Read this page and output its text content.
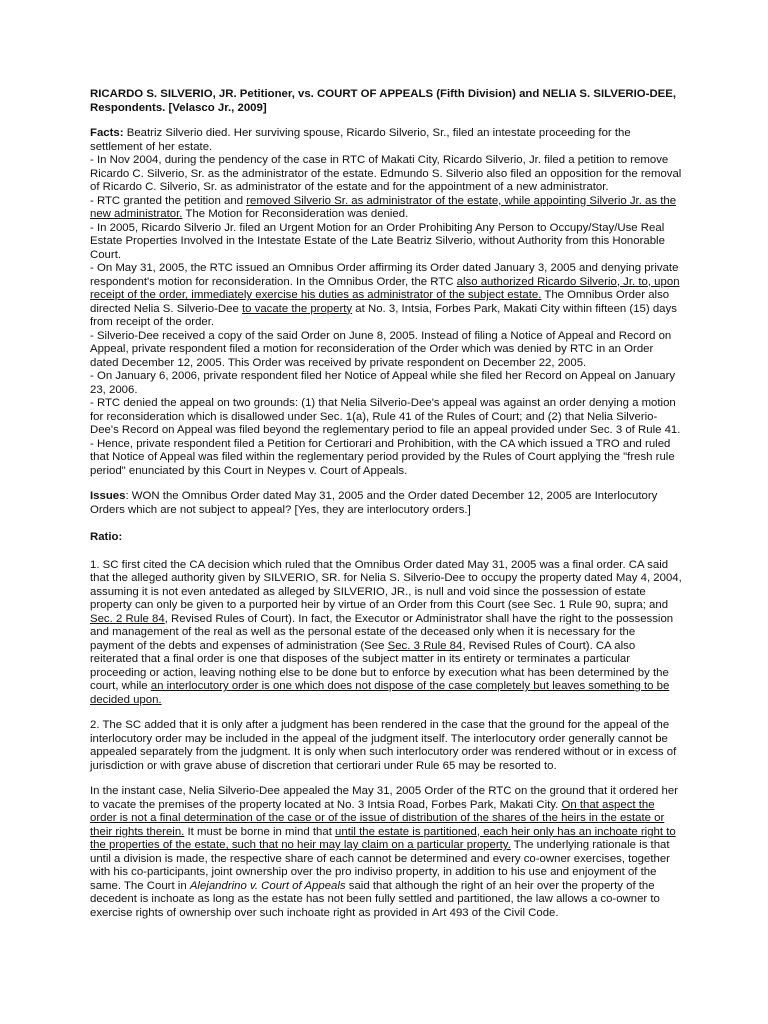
RICARDO S. SILVERIO, JR. Petitioner, vs. COURT OF APPEALS (Fifth Division) and NELIA S. SILVERIO-DEE, Respondents. [Velasco Jr., 2009]

Facts: Beatriz Silverio died. Her surviving spouse, Ricardo Silverio, Sr., filed an intestate proceeding for the settlement of her estate.
- In Nov 2004, during the pendency of the case in RTC of Makati City, Ricardo Silverio, Jr. filed a petition to remove Ricardo C. Silverio, Sr. as the administrator of the estate. Edmundo S. Silverio also filed an opposition for the removal of Ricardo C. Silverio, Sr. as administrator of the estate and for the appointment of a new administrator.
- RTC granted the petition and removed Silverio Sr. as administrator of the estate, while appointing Silverio Jr. as the new administrator. The Motion for Reconsideration was denied.
- In 2005, Ricardo Silverio Jr. filed an Urgent Motion for an Order Prohibiting Any Person to Occupy/Stay/Use Real Estate Properties Involved in the Intestate Estate of the Late Beatriz Silverio, without Authority from this Honorable Court.
- On May 31, 2005, the RTC issued an Omnibus Order affirming its Order dated January 3, 2005 and denying private respondent's motion for reconsideration. In the Omnibus Order, the RTC also authorized Ricardo Silverio, Jr. to, upon receipt of the order, immediately exercise his duties as administrator of the subject estate. The Omnibus Order also directed Nelia S. Silverio-Dee to vacate the property at No. 3, Intsia, Forbes Park, Makati City within fifteen (15) days from receipt of the order.
- Silverio-Dee received a copy of the said Order on June 8, 2005. Instead of filing a Notice of Appeal and Record on Appeal, private respondent filed a motion for reconsideration of the Order which was denied by RTC in an Order dated December 12, 2005. This Order was received by private respondent on December 22, 2005.
- On January 6, 2006, private respondent filed her Notice of Appeal while she filed her Record on Appeal on January 23, 2006.
- RTC denied the appeal on two grounds: (1) that Nelia Silverio-Dee's appeal was against an order denying a motion for reconsideration which is disallowed under Sec. 1(a), Rule 41 of the Rules of Court; and (2) that Nelia Silverio-Dee's Record on Appeal was filed beyond the reglementary period to file an appeal provided under Sec. 3 of Rule 41.
- Hence, private respondent filed a Petition for Certiorari and Prohibition, with the CA which issued a TRO and ruled that Notice of Appeal was filed within the reglementary period provided by the Rules of Court applying the "fresh rule period" enunciated by this Court in Neypes v. Court of Appeals.

Issues: WON the Omnibus Order dated May 31, 2005 and the Order dated December 12, 2005 are Interlocutory Orders which are not subject to appeal? [Yes, they are interlocutory orders.]

Ratio:

1. SC first cited the CA decision which ruled that the Omnibus Order dated May 31, 2005 was a final order. CA said that the alleged authority given by SILVERIO, SR. for Nelia S. Silverio-Dee to occupy the property dated May 4, 2004, assuming it is not even antedated as alleged by SILVERIO, JR., is null and void since the possession of estate property can only be given to a purported heir by virtue of an Order from this Court (see Sec. 1 Rule 90, supra; and Sec. 2 Rule 84, Revised Rules of Court). In fact, the Executor or Administrator shall have the right to the possession and management of the real as well as the personal estate of the deceased only when it is necessary for the payment of the debts and expenses of administration (See Sec. 3 Rule 84, Revised Rules of Court). CA also reiterated that a final order is one that disposes of the subject matter in its entirety or terminates a particular proceeding or action, leaving nothing else to be done but to enforce by execution what has been determined by the court, while an interlocutory order is one which does not dispose of the case completely but leaves something to be decided upon.

2. The SC added that it is only after a judgment has been rendered in the case that the ground for the appeal of the interlocutory order may be included in the appeal of the judgment itself. The interlocutory order generally cannot be appealed separately from the judgment. It is only when such interlocutory order was rendered without or in excess of jurisdiction or with grave abuse of discretion that certiorari under Rule 65 may be resorted to.

In the instant case, Nelia Silverio-Dee appealed the May 31, 2005 Order of the RTC on the ground that it ordered her to vacate the premises of the property located at No. 3 Intsia Road, Forbes Park, Makati City. On that aspect the order is not a final determination of the case or of the issue of distribution of the shares of the heirs in the estate or their rights therein. It must be borne in mind that until the estate is partitioned, each heir only has an inchoate right to the properties of the estate, such that no heir may lay claim on a particular property. The underlying rationale is that until a division is made, the respective share of each cannot be determined and every co-owner exercises, together with his co-participants, joint ownership over the pro indiviso property, in addition to his use and enjoyment of the same. The Court in Alejandrino v. Court of Appeals said that although the right of an heir over the property of the decedent is inchoate as long as the estate has not been fully settled and partitioned, the law allows a co-owner to exercise rights of ownership over such inchoate right as provided in Art 493 of the Civil Code.
